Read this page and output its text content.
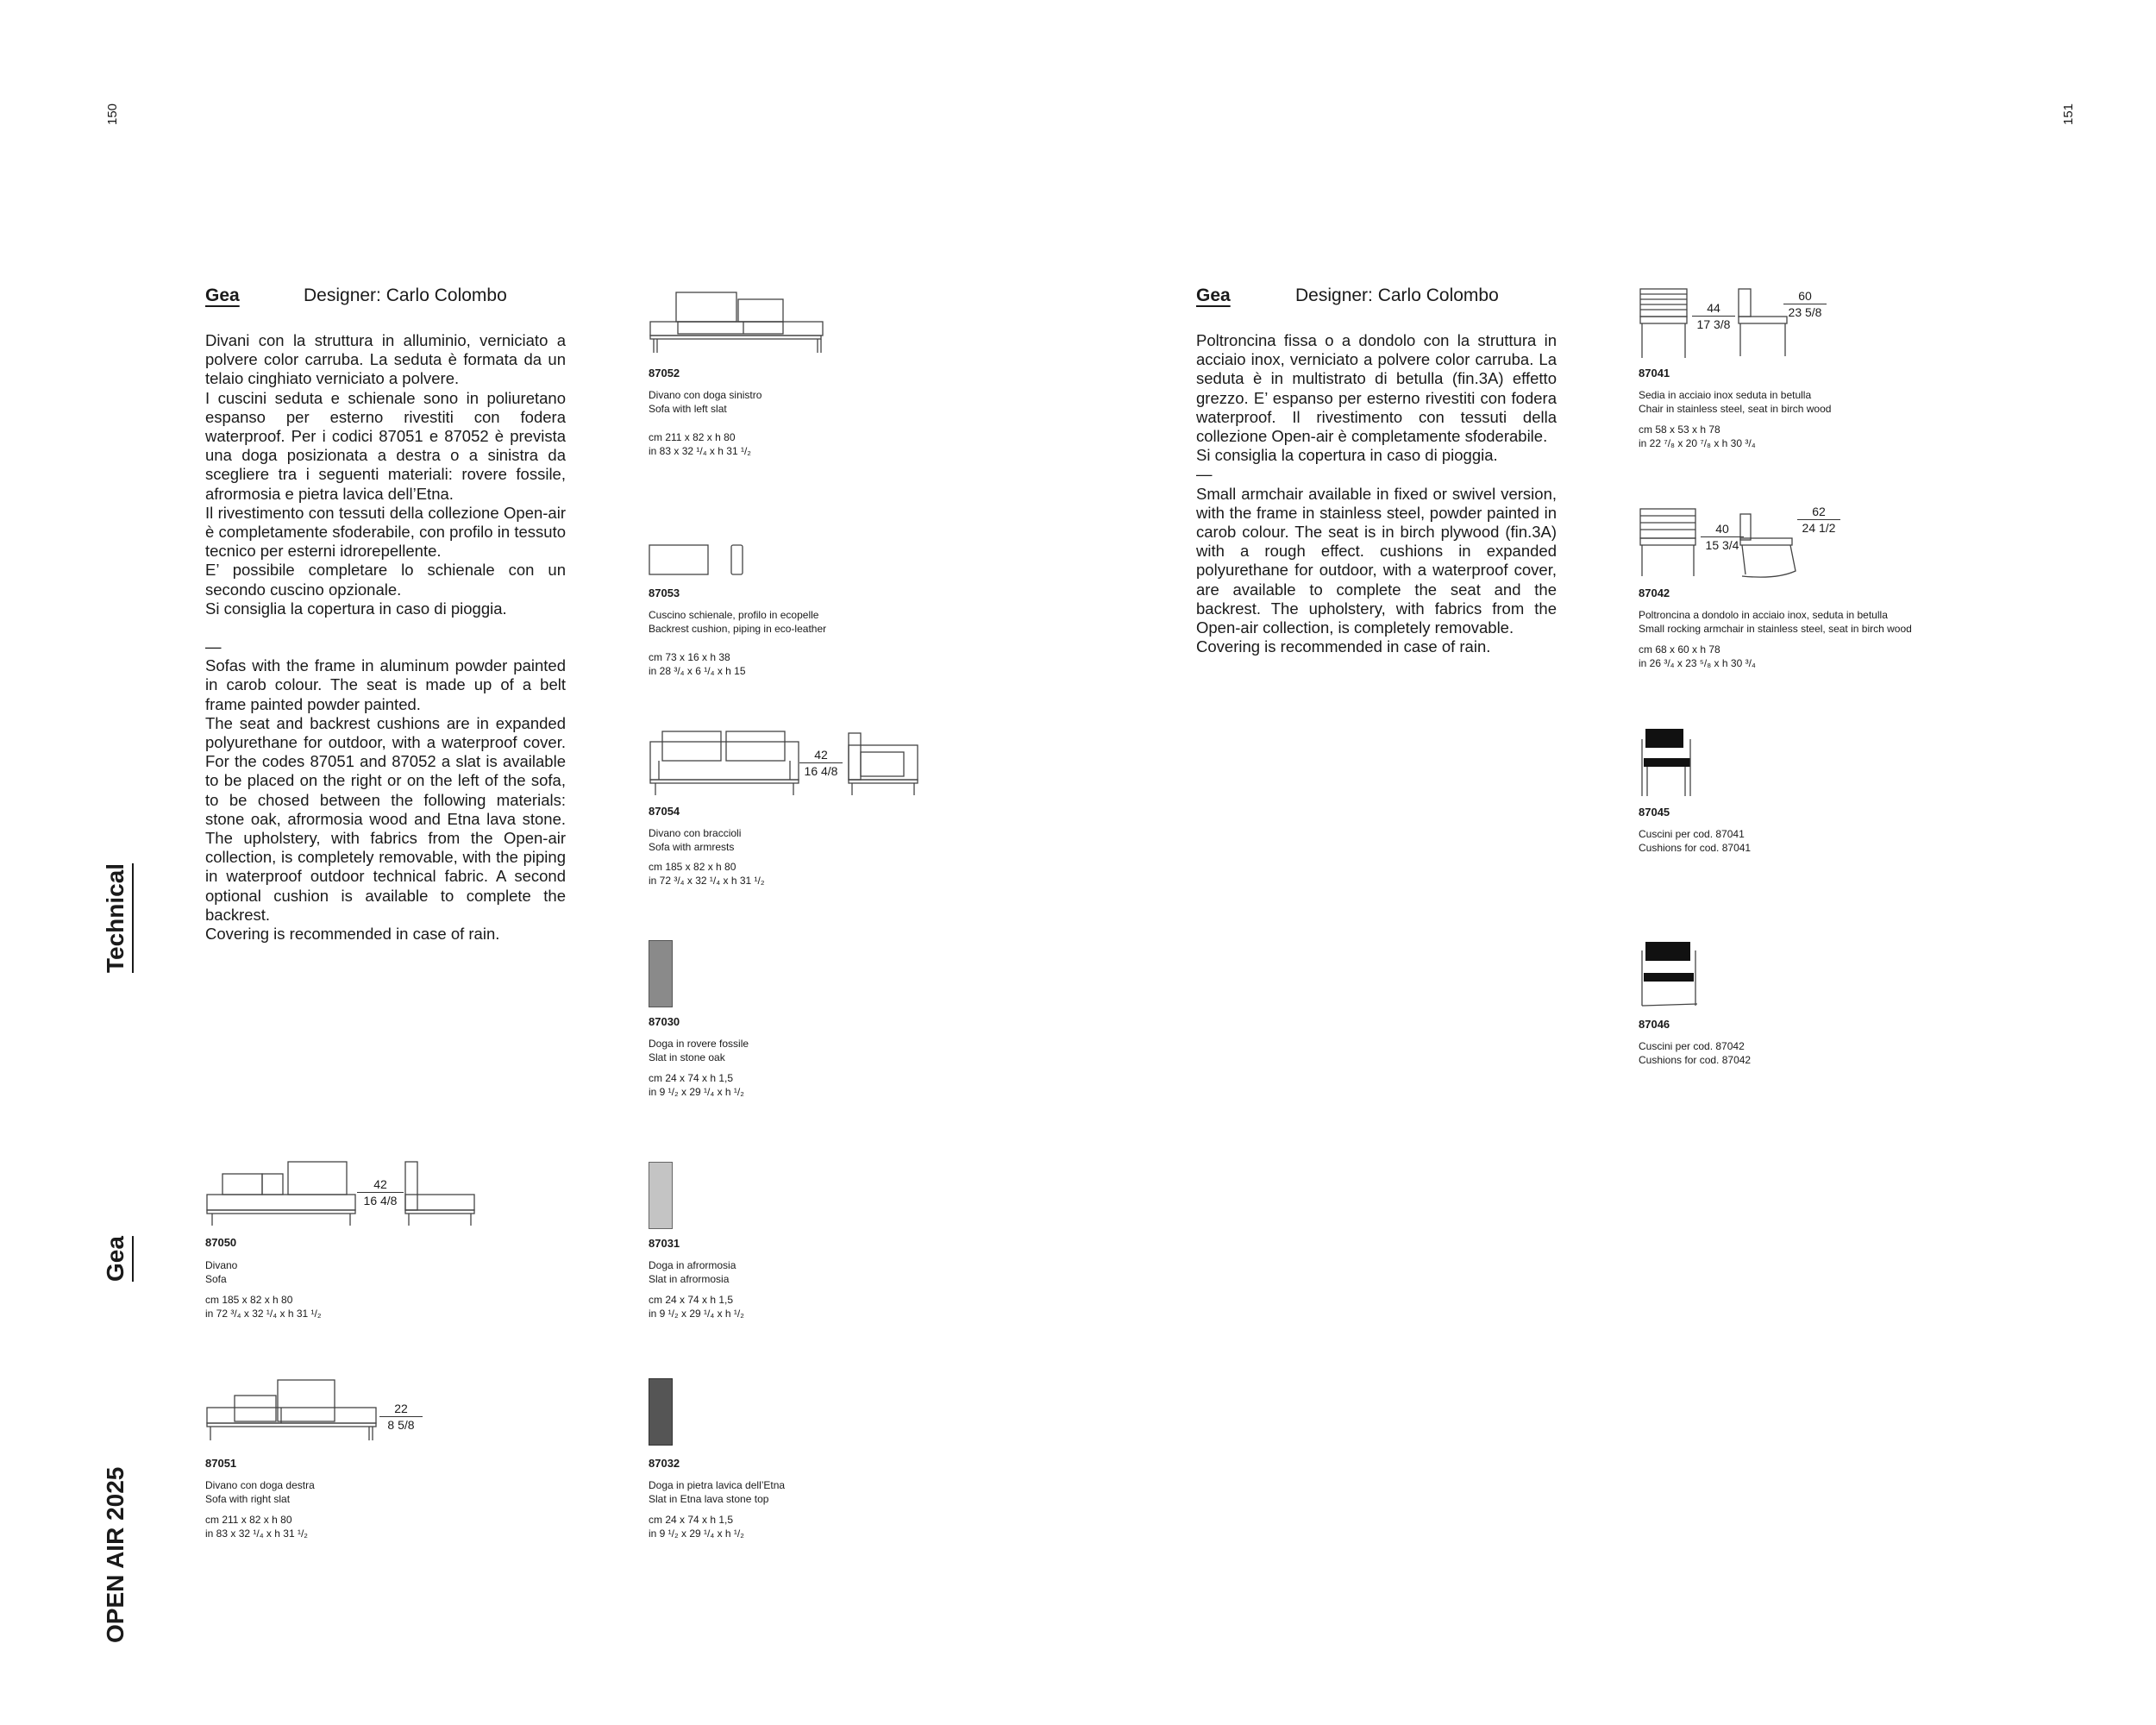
150	151
Technical
Gea
OPEN AIR 2025
Gea	Designer: Carlo Colombo

Divani con la struttura in alluminio, verniciato a polvere color carruba. La seduta è formata da un telaio cinghiato verniciato a polvere.

I cuscini seduta e schienale sono in poliuretano espanso per esterno rivestiti con fodera waterproof. Per i codici 87051 e 87052 è prevista una doga posizionata a destra o a sinistra da scegliere tra i seguenti materiali: rovere fossile, afrormosia e pietra lavica dell’Etna.

Il rivestimento con tessuti della collezione Open-air è completamente sfoderabile, con profilo in tessuto tecnico per esterni idrorepellente.

E’ possibile completare lo schienale con un secondo cuscino opzionale.

Si consiglia la copertura in caso di pioggia.

—

Sofas with the frame in aluminum powder painted in carob colour. The seat is made up of a belt frame painted powder painted.

The seat and backrest cushions are in expanded polyurethane for outdoor, with a waterproof cover. For the codes 87051 and 87052 a slat is available to be placed on the right or on the left of the sofa, to be chosed between the following materials: stone oak, afrormosia wood and Etna lava stone. The upholstery, with fabrics from the Open-air collection, is completely removable, with the piping in waterproof outdoor technical fabric. A second optional cushion is available to complete the backrest.

Covering is recommended in case of rain.

87052
Divano con doga sinistro
Sofa with left slat
cm 211 x 82 x h 80
in 83 x 32 ¹/₄ x h 31 ¹/₂
87053
Cuscino schienale, profilo in ecopelle
Backrest cushion, piping in eco-leather
cm 73 x 16 x h 38
in 28 ³/₄ x 6 ¹/₄ x h 15
42
16 4/8
87054
Divano con braccioli
Sofa with armrests
cm 185 x 82 x h 80
in 72 ³/₄ x 32 ¹/₄ x h 31 ¹/₂
87030
Doga in rovere fossile
Slat in stone oak
cm 24 x 74 x h 1,5
in 9 ¹/₂ x 29 ¹/₄ x h ¹/₂
87031
Doga in afrormosia
Slat in afrormosia
cm 24 x 74 x h 1,5
in 9 ¹/₂ x 29 ¹/₄ x h ¹/₂
87032
Doga in pietra lavica dell’Etna
Slat in Etna lava stone top
cm 24 x 74 x h 1,5
in 9 ¹/₂ x 29 ¹/₄ x h ¹/₂
42
16 4/8
87050
Divano
Sofa
cm 185 x 82 x h 80
in 72 ³/₄ x 32 ¹/₄ x h 31 ¹/₂
22
8 5/8
87051
Divano con doga destra
Sofa with right slat
cm 211 x 82 x h 80
in 83 x 32 ¹/₄ x h 31 ¹/₂
Gea	Designer: Carlo Colombo

Poltroncina fissa o a dondolo con la struttura in acciaio inox, verniciato a polvere color carruba. La seduta è in multistrato di betulla (fin.3A) effetto grezzo. E’ espanso per esterno rivestiti con fodera waterproof. Il rivestimento con tessuti della collezione Open-air è completamente sfoderabile.

Si consiglia la copertura in caso di pioggia.

—

Small armchair available in fixed or swivel version, with the frame in stainless steel, powder painted in carob colour. The seat is in birch plywood (fin.3A) with a rough effect. cushions in expanded polyurethane for outdoor, with a waterproof cover, are available to complete the seat and the backrest. The upholstery, with fabrics from the Open-air collection, is completely removable.

Covering is recommended in case of rain.

44
17 3/8
60
23 5/8
87041
Sedia in acciaio inox seduta in betulla
Chair in stainless steel, seat in birch wood
cm 58 x 53 x h 78
in 22 ⁷/₈ x 20 ⁷/₈ x h 30 ³/₄
40
15 3/4
62
24 1/2
87042
Poltroncina a dondolo in acciaio inox, seduta in betulla
Small rocking armchair in stainless steel, seat in birch wood
cm 68 x 60 x h 78
in 26 ³/₄ x 23 ⁵/₈ x h 30 ³/₄
87045
Cuscini per cod. 87041
Cushions for cod. 87041
87046
Cuscini per cod. 87042
Cushions for cod. 87042
